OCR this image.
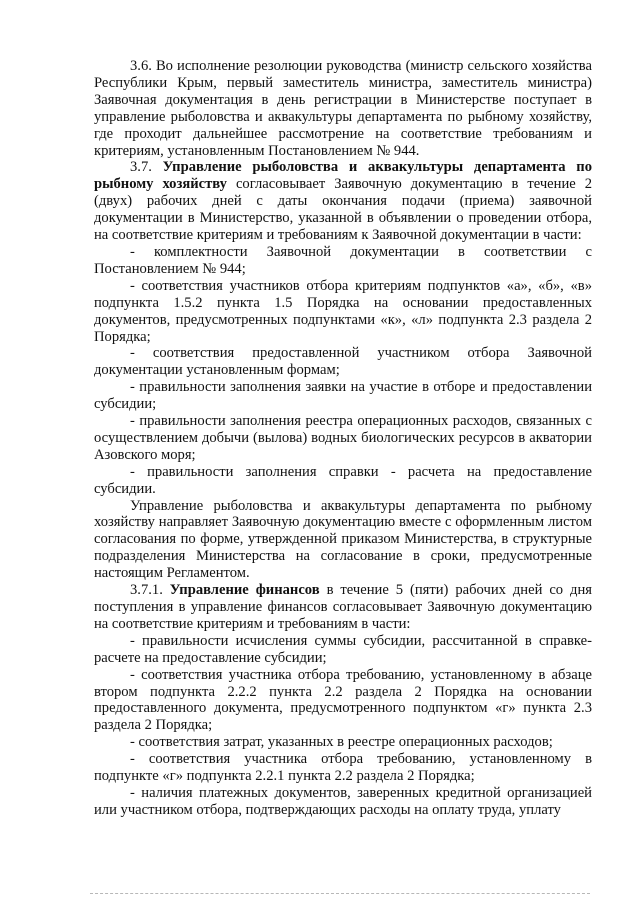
3.6. Во исполнение резолюции руководства (министр сельского хозяйства Республики Крым, первый заместитель министра, заместитель министра) Заявочная документация в день регистрации в Министерстве поступает в управление рыболовства и аквакультуры департамента по рыбному хозяйству, где проходит дальнейшее рассмотрение на соответствие требованиям и критериям, установленным Постановлением № 944.

3.7. Управление рыболовства и аквакультуры департамента по рыбному хозяйству согласовывает Заявочную документацию в течение 2 (двух) рабочих дней с даты окончания подачи (приема) заявочной документации в Министерство, указанной в объявлении о проведении отбора, на соответствие критериям и требованиям к Заявочной документации в части:

- комплектности Заявочной документации в соответствии с Постановлением № 944;

- соответствия участников отбора критериям подпунктов «а», «б», «в» подпункта 1.5.2 пункта 1.5 Порядка на основании предоставленных документов, предусмотренных подпунктами «к», «л» подпункта 2.3 раздела 2 Порядка;

- соответствия предоставленной участником отбора Заявочной документации установленным формам;

- правильности заполнения заявки на участие в отборе и предоставлении субсидии;

- правильности заполнения реестра операционных расходов, связанных с осуществлением добычи (вылова) водных биологических ресурсов в акватории Азовского моря;

- правильности заполнения справки - расчета на предоставление субсидии.

Управление рыболовства и аквакультуры департамента по рыбному хозяйству направляет Заявочную документацию вместе с оформленным листом согласования по форме, утвержденной приказом Министерства, в структурные подразделения Министерства на согласование в сроки, предусмотренные настоящим Регламентом.

3.7.1. Управление финансов в течение 5 (пяти) рабочих дней со дня поступления в управление финансов согласовывает Заявочную документацию на соответствие критериям и требованиям в части:

- правильности исчисления суммы субсидии, рассчитанной в справке-расчете на предоставление субсидии;

- соответствия участника отбора требованию, установленному в абзаце втором подпункта 2.2.2 пункта 2.2 раздела 2 Порядка на основании предоставленного документа, предусмотренного подпунктом «г» пункта 2.3 раздела 2 Порядка;

- соответствия затрат, указанных в реестре операционных расходов;

- соответствия участника отбора требованию, установленному в подпункте «г» подпункта 2.2.1 пункта 2.2 раздела 2 Порядка;

- наличия платежных документов, заверенных кредитной организацией или участником отбора, подтверждающих расходы на оплату труда, уплату
